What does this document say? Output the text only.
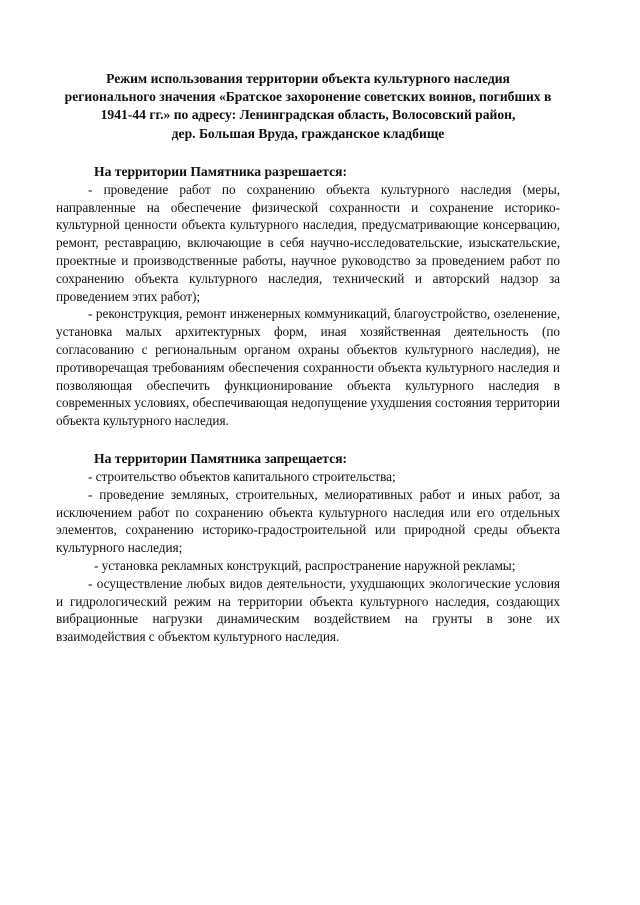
Режим использования территории объекта культурного наследия
регионального значения «Братское захоронение советских воинов, погибших в
1941-44 гг.» по адресу: Ленинградская область, Волосовский район,
дер. Большая Вруда, гражданское кладбище
На территории Памятника разрешается:

- проведение работ по сохранению объекта культурного наследия (меры, направленные на обеспечение физической сохранности и сохранение историко-культурной ценности объекта культурного наследия, предусматривающие консервацию, ремонт, реставрацию, включающие в себя научно-исследовательские, изыскательские, проектные и производственные работы, научное руководство за проведением работ по сохранению объекта культурного наследия, технический и авторский надзор за проведением этих работ);

- реконструкция, ремонт инженерных коммуникаций, благоустройство, озеленение, установка малых архитектурных форм, иная хозяйственная деятельность (по согласованию с региональным органом охраны объектов культурного наследия), не противоречащая требованиям обеспечения сохранности объекта культурного наследия и позволяющая обеспечить функционирование объекта культурного наследия в современных условиях, обеспечивающая недопущение ухудшения состояния территории объекта культурного наследия.

На территории Памятника запрещается:

- строительство объектов капитального строительства;

- проведение земляных, строительных, мелиоративных работ и иных работ, за исключением работ по сохранению объекта культурного наследия или его отдельных элементов, сохранению историко-градостроительной или природной среды объекта культурного наследия;

- установка рекламных конструкций, распространение наружной рекламы;

- осуществление любых видов деятельности, ухудшающих экологические условия и гидрологический режим на территории объекта культурного наследия, создающих вибрационные нагрузки динамическим воздействием на грунты в зоне их взаимодействия с объектом культурного наследия.
